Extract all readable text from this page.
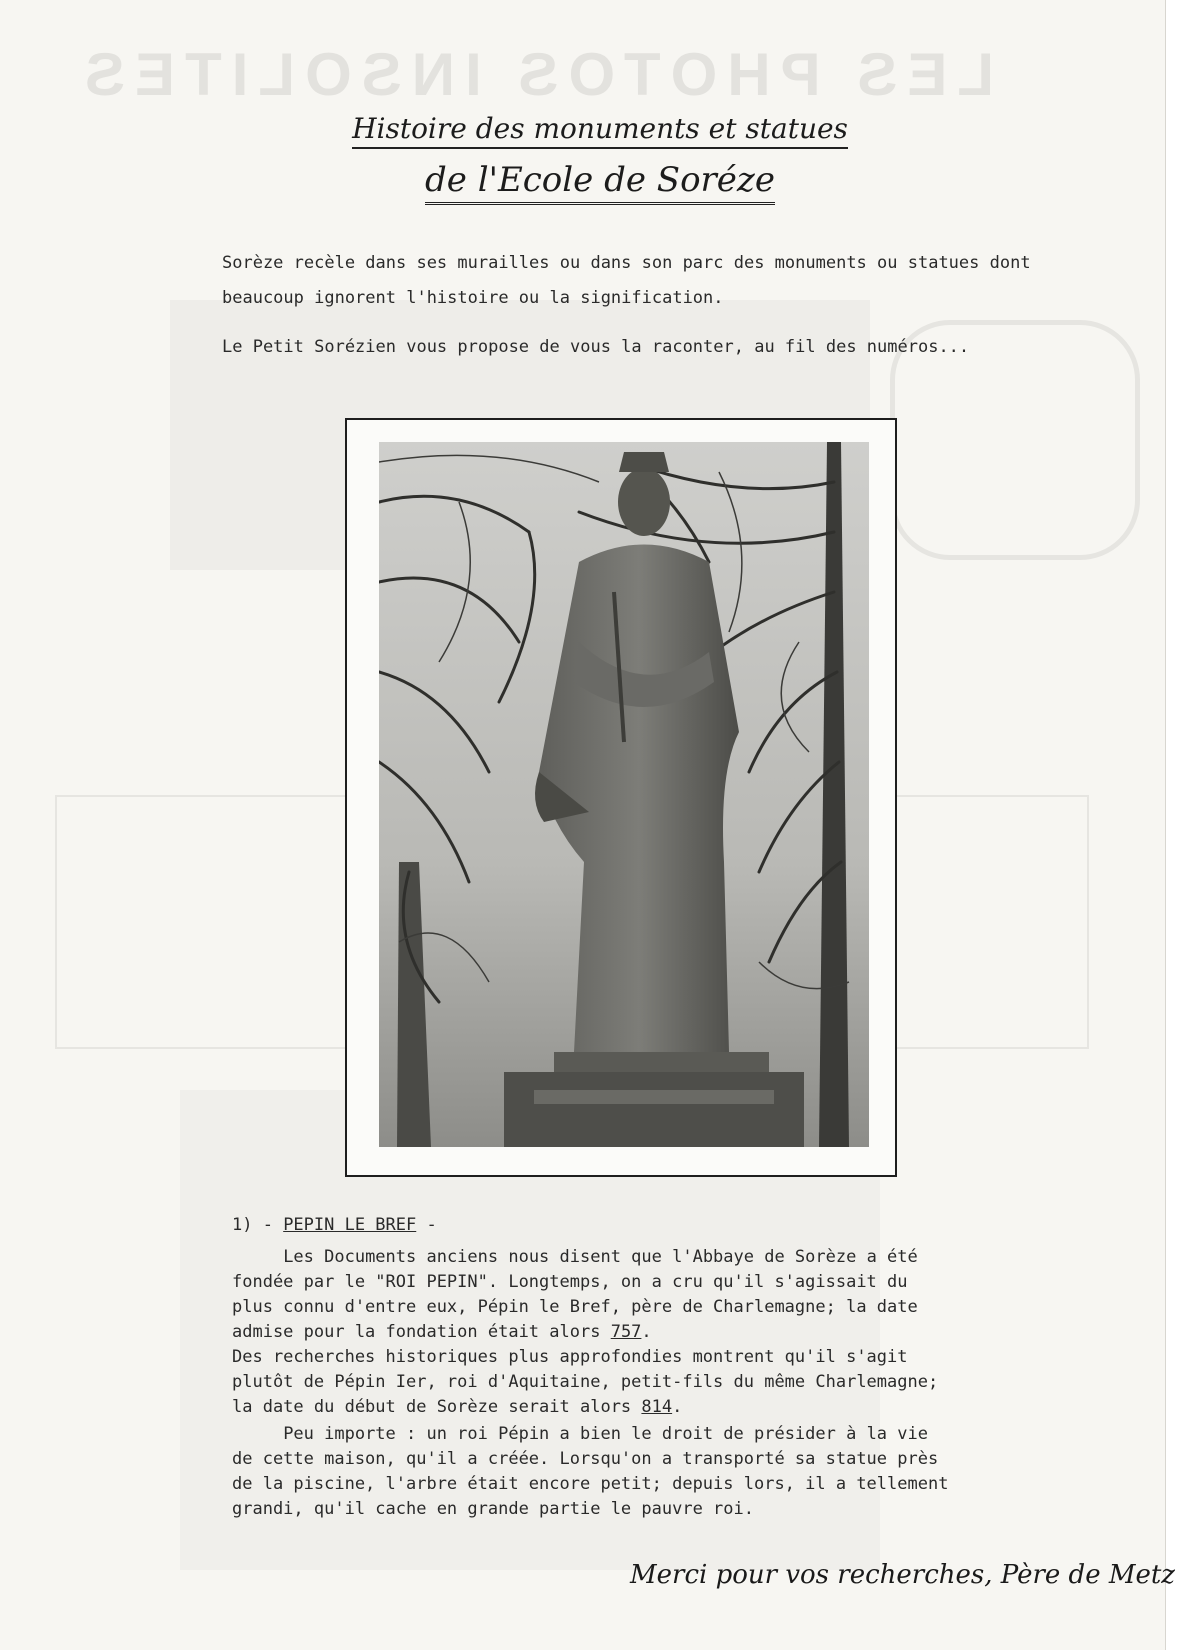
LES PHOTOS INSOLITES
Histoire des monuments et statues
de l'Ecole de Soréze
Sorèze recèle dans ses murailles ou dans son parc des monuments ou statues dont beaucoup ignorent l'histoire ou la signification.
Le Petit Sorézien vous propose de vous la raconter, au fil des numéros...
1) - PEPIN LE BREF -
Les Documents anciens nous disent que l'Abbaye de Sorèze a été
fondée par le "ROI PEPIN". Longtemps, on a cru qu'il s'agissait du
plus connu d'entre eux, Pépin le Bref, père de Charlemagne; la date
admise pour la fondation était alors 757.
Des recherches historiques plus approfondies montrent qu'il s'agit
plutôt de Pépin Ier, roi d'Aquitaine, petit-fils du même Charlemagne;
la date du début de Sorèze serait alors 814.
Peu importe : un roi Pépin a bien le droit de présider à la vie
de cette maison, qu'il a créée. Lorsqu'on a transporté sa statue près
de la piscine, l'arbre était encore petit; depuis lors, il a tellement
grandi, qu'il cache en grande partie le pauvre roi.
Merci pour vos recherches, Père de Metz
